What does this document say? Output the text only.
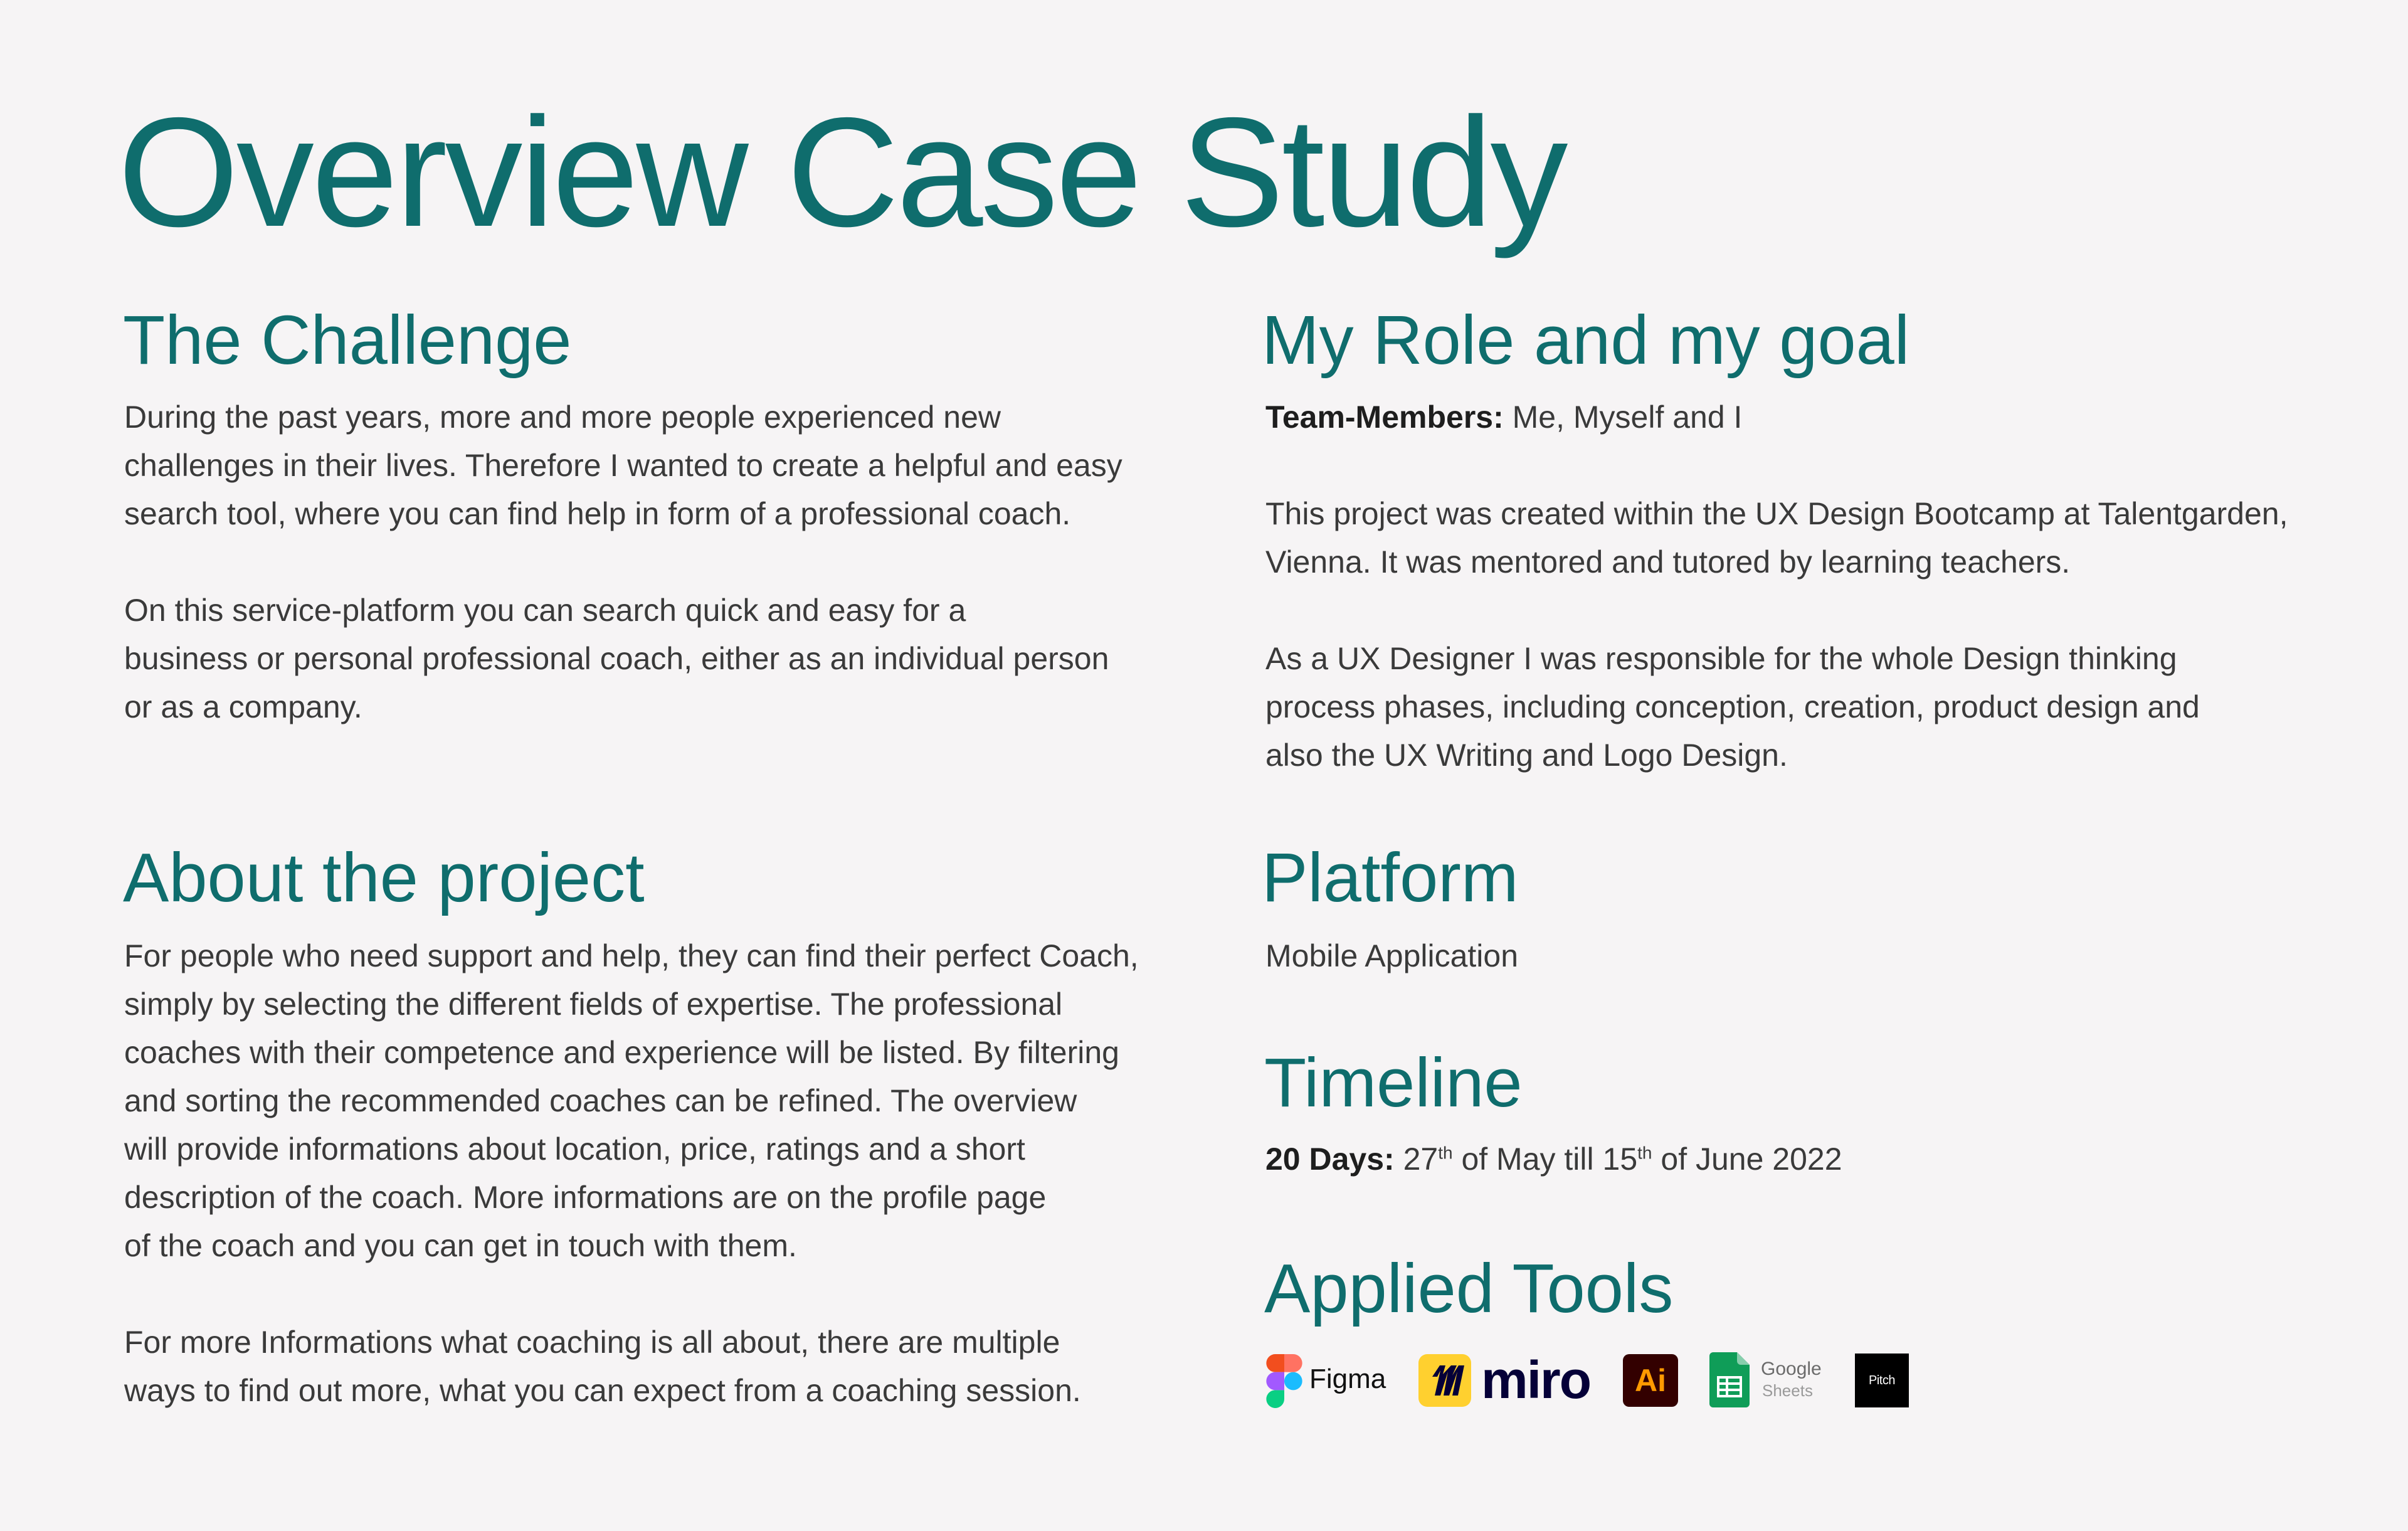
Overview Case Study
The Challenge
During the past years, more and more people experienced new
challenges in their lives. Therefore I wanted to create a helpful and easy
search tool, where you can find help in form of a professional coach.
On this service-platform you can search quick and easy for a
business or personal professional coach, either as an individual person
or as a company.
About the project
For people who need support and help, they can find their perfect Coach,
simply by selecting the different fields of expertise. The professional
coaches with their competence and experience will be listed. By filtering
and sorting the recommended coaches can be refined. The overview
will provide informations about location, price, ratings and a short
description of the coach. More informations are on the profile page
of the coach and you can get in touch with them.
For more Informations what coaching is all about, there are multiple
ways to find out more, what you can expect from a coaching session.
My Role and my goal
Team-Members: Me, Myself and I
This project was created within the UX Design Bootcamp at Talentgarden,
Vienna. It was mentored and tutored by learning teachers.
As a UX Designer I was responsible for the whole Design thinking
process phases, including conception, creation, product design and
also the UX Writing and Logo Design.
Platform
Mobile Application
Timeline
20 Days: 27th of May till 15th of June 2022
Applied Tools
Figma miro	Ai	Google
Sheets
Pitch
